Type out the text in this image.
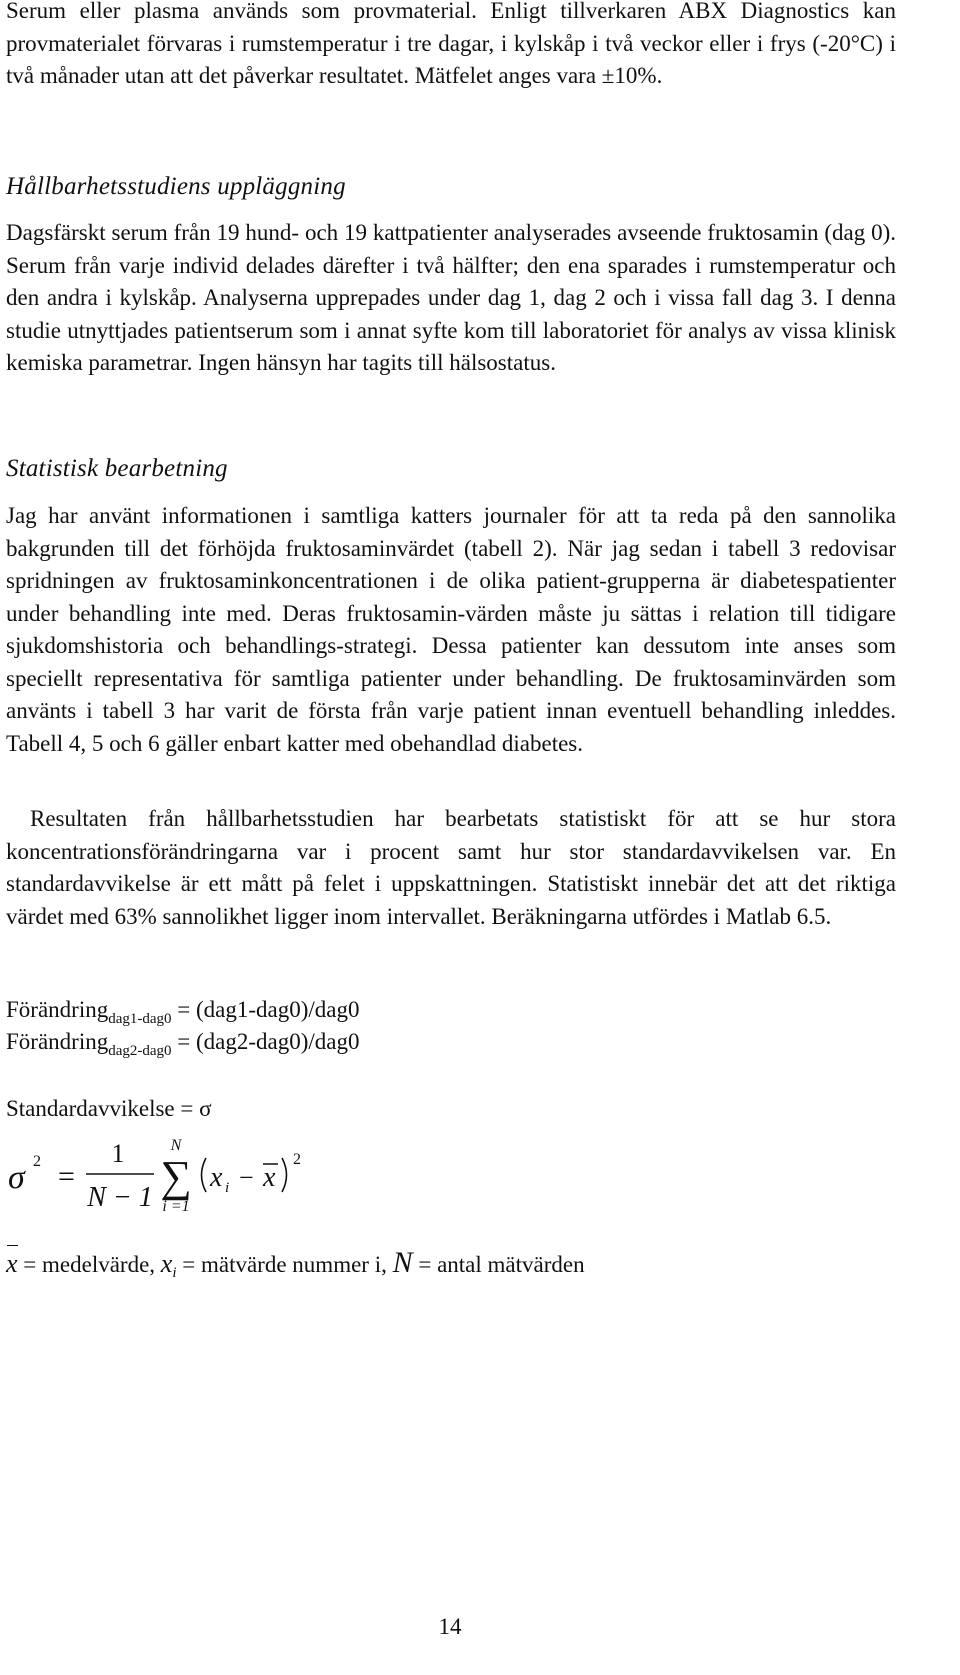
Serum eller plasma används som provmaterial. Enligt tillverkaren ABX Diagnostics kan provmaterialet förvaras i rumstemperatur i tre dagar, i kylskåp i två veckor eller i frys (-20°C) i två månader utan att det påverkar resultatet. Mätfelet anges vara ±10%.

Hållbarhetsstudiens uppläggning

Dagsfärskt serum från 19 hund- och 19 kattpatienter analyserades avseende fruktosamin (dag 0). Serum från varje individ delades därefter i två hälfter; den ena sparades i rumstemperatur och den andra i kylskåp. Analyserna upprepades under dag 1, dag 2 och i vissa fall dag 3. I denna studie utnyttjades patientserum som i annat syfte kom till laboratoriet för analys av vissa klinisk kemiska parametrar. Ingen hänsyn har tagits till hälsostatus.

Statistisk bearbetning

Jag har använt informationen i samtliga katters journaler för att ta reda på den sannolika bakgrunden till det förhöjda fruktosaminvärdet (tabell 2). När jag sedan i tabell 3 redovisar spridningen av fruktosaminkoncentrationen i de olika patient-grupperna är diabetespatienter under behandling inte med. Deras fruktosamin-värden måste ju sättas i relation till tidigare sjukdomshistoria och behandlings-strategi. Dessa patienter kan dessutom inte anses som speciellt representativa för samtliga patienter under behandling. De fruktosaminvärden som använts i tabell 3 har varit de första från varje patient innan eventuell behandling inleddes. Tabell 4, 5 och 6 gäller enbart katter med obehandlad diabetes.

Resultaten från hållbarhetsstudien har bearbetats statistiskt för att se hur stora koncentrationsförändringarna var i procent samt hur stor standardavvikelsen var. En standardavvikelse är ett mått på felet i uppskattningen. Statistiskt innebär det att det riktiga värdet med 63% sannolikhet ligger inom intervallet. Beräkningarna utfördes i Matlab 6.5.

Förändring$_{dag1-dag0}$ = (dag1-dag0)/dag0

Förändring$_{dag2-dag0}$ = (dag2-dag0)/dag0

Standardavvikelse = σ

σ 2 =
1
N − 1
N
∑
i =1
x i − x
2

x = medelvärde, $x_i$ = mätvärde nummer i, N = antal mätvärden

14
